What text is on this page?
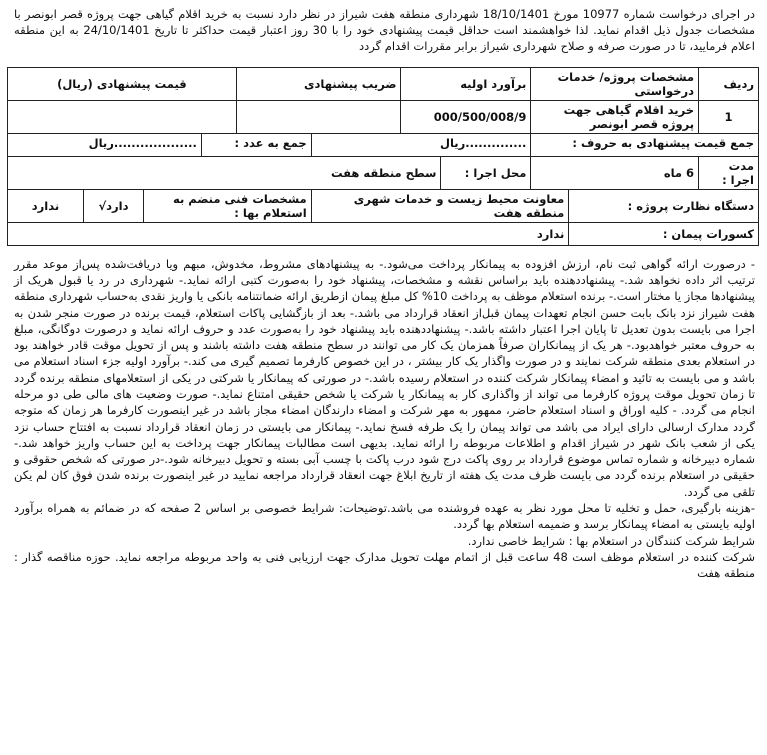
در اجرای درخواست شماره 10977 مورخ 18/10/1401 شهرداری منطقه هفت شیراز در نظر دارد نسبت به خرید اقلام گیاهی جهت پروژه قصر ابونصر با مشخصات جدول ذیل اقدام نماید. لذا خواهشمند است حداقل قیمت پیشنهادی خود را با 30 روز اعتبار قیمت حداکثر تا تاریخ 24/10/1401 به این منطقه اعلام فرمایید، تا در صورت صرفه و صلاح شهرداری شیراز برابر مقررات اقدام گردد
ردیف	مشخصات پروژه/ خدمات درخواستی		برآورد اولیه		ضریب پیشنهادی		قیمت پیشنهادی (ریال)			
1	خرید اقلام گیاهی جهت پروژه قصر ابونصر		000/500/008/9							
جمع قیمت پیشنهادی به حروف :			..............ریال			جمع به عدد :		...................ریال		
مدت اجرا :	6 ماه		محل اجرا :	سطح منطقه هفت						
دستگاه نظارت پروژه :		معاونت محیط زیست و خدمات شهری منطقه هفت				مشخصات فنی منضم به استعلام بها :			دارد√	ندارد
کسورات پیمان :		ندارد								

- درصورت ارائه گواهی ثبت نام، ارزش افزوده به پیمانکار پرداخت می‌شود.- به پیشنهادهای مشروط، مخدوش، مبهم ویا دریافت‌شده پس‌از موعد مقرر ترتیب اثر داده نخواهد شد.- پیشنهاددهنده باید براساس نقشه و مشخصات، پیشنهاد خود را به‌صورت کتبی ارائه نماید.- شهرداری در رد یا قبول هریک از پیشنهادها مجاز یا مختار است.- برنده استعلام موظف به پرداخت 10% کل مبلغ پیمان ازطریق ارائه ضمانتنامه بانکی یا واریز نقدی به‌حساب شهرداری منطقه هفت شیراز نزد بانک بابت حسن انجام تعهدات پیمان قبل‌از انعقاد قرارداد می باشد.- بعد از بازگشایی پاکات استعلام، قیمت برنده در صورت منجر شدن به اجرا می بایست بدون تعدیل تا پایان اجرا اعتبار داشته باشد.- پیشنهاددهنده باید پیشنهاد خود را به‌صورت عدد و حروف ارائه نماید و درصورت دوگانگی، مبلغ به حروف معتبر خواهدبود.- هر یک از پیمانکاران صرفاً همزمان یک کار می توانند در سطح منطقه هفت داشته باشند و پس از تحویل موقت قادر خواهند بود در استعلام بعدی منطقه شرکت نمایند و در صورت واگذار یک کار بیشتر ، در این خصوص کارفرما تصمیم گیری می کند.- برآورد اولیه جزء اسناد استعلام می باشد و می بایست به تائید و امضاء پیمانکار شرکت کننده در استعلام رسیده باشد.- در صورتی که پیمانکار یا شرکتی در یکی از استعلامهای منطقه برنده گردد تا زمان تحویل موقت پروژه کارفرما می تواند از واگذاری کار به پیمانکار یا شرکت یا شخص حقیقی امتناع نماید.- صورت وضعیت های مالی طی دو مرحله انجام می گردد. - کلیه اوراق و اسناد استعلام حاضر، ممهور به مهر شرکت و امضاء دارندگان امضاء مجاز باشد در غیر اینصورت کارفرما هر زمان که متوجه گردد مدارک ارسالی دارای ایراد می باشد می تواند پیمان را یک طرفه فسخ نماید.- پیمانکار می بایستی در زمان انعقاد قرارداد نسبت به افتتاح حساب نزد یکی از شعب بانک شهر در شیراز اقدام و اطلاعات مربوطه را ارائه نماید. بدیهی است مطالبات پیمانکار جهت پرداخت به این حساب واریز خواهد شد.- شماره دبیرخانه و شماره تماس موضوع قرارداد بر روی پاکت درج شود درب پاکت با چسب آبی بسته و تحویل دبیرخانه شود.-در صورتی که شخص حقوقی و حقیقی در استعلام برنده گردد می بایست ظرف مدت یک هفته از تاریخ ابلاغ جهت انعقاد قرارداد مراجعه نمایید در غیر اینصورت برنده شدن فوق کان لم یکن تلقی می گردد.

-هزینه بارگیری، حمل و تخلیه تا محل مورد نظر به عهده فروشنده می باشد.توضیحات: شرایط خصوصی بر اساس 2 صفحه که در ضمائم به همراه برآورد اولیه بایستی به امضاء پیمانکار برسد و ضمیمه استعلام بها گردد.

شرایط شرکت کنندگان در استعلام بها : شرایط خاصی ندارد.

شرکت کننده در استعلام موظف است 48 ساعت قبل از اتمام مهلت تحویل مدارک جهت ارزیابی فنی به واحد مربوطه مراجعه نماید. حوزه مناقصه گذار : منطقه هفت
